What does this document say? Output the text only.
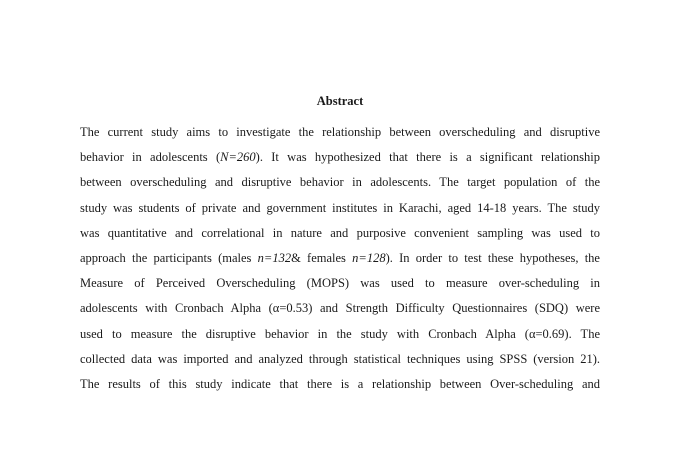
Abstract
The current study aims to investigate the relationship between overscheduling and disruptive
behavior in adolescents (N=260). It was hypothesized that there is a significant relationship
between overscheduling and disruptive behavior in adolescents. The target population of the
study was students of private and government institutes in Karachi, aged 14-18 years. The study
was quantitative and correlational in nature and purposive convenient sampling was used to
approach the participants (males n=132& females n=128). In order to test these hypotheses, the
Measure of Perceived Overscheduling (MOPS) was used to measure over-scheduling in
adolescents with Cronbach Alpha (α=0.53) and Strength Difficulty Questionnaires (SDQ) were
used to measure the disruptive behavior in the study with Cronbach Alpha (α=0.69). The
collected data was imported and analyzed through statistical techniques using SPSS (version 21).
The results of this study indicate that there is a relationship between Over-scheduling and
